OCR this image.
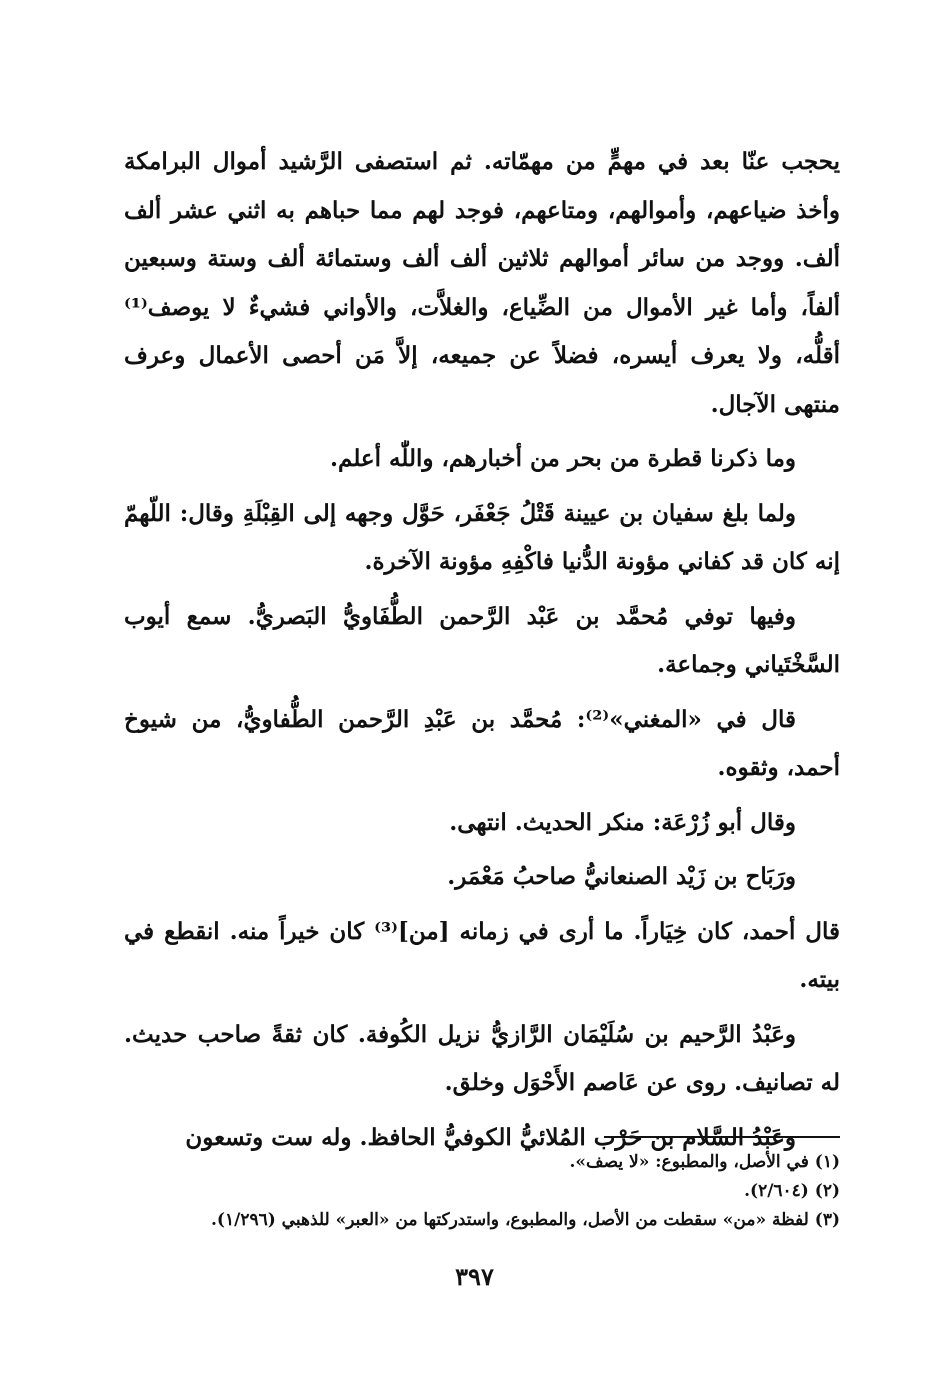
يحجب عنّا بعد في مهمٍّ من مهمّاته. ثم استصفى الرَّشيد أموال البرامكة وأخذ ضياعهم، وأموالهم، ومتاعهم، فوجد لهم مما حباهم به اثني عشر ألف ألف. ووجد من سائر أموالهم ثلاثين ألف ألف وستمائة ألف وستة وسبعين ألفاً، وأما غير الأموال من الضِّياع، والغلاَّت، والأواني فشيءٌ لا يوصف⁽¹⁾ أقلُّه، ولا يعرف أيسره، فضلاً عن جميعه، إلاَّ مَن أحصى الأعمال وعرف منتهى الآجال.

وما ذكرنا قطرة من بحر من أخبارهم، واللّٰه أعلم.

ولما بلغ سفيان بن عيينة قَتْلُ جَعْفَر، حَوَّل وجهه إلى القِبْلَةِ وقال: اللّهمّ إنه كان قد كفاني مؤونة الدُّنيا فاكْفِهِ مؤونة الآخرة.

وفيها توفي مُحمَّد بن عَبْد الرَّحمن الطُّفَاويُّ البَصريُّ. سمع أيوب السَّخْتَياني وجماعة.

قال في «المغني»⁽²⁾: مُحمَّد بن عَبْدِ الرَّحمن الطُّفاويُّ، من شيوخ أحمد، وثقوه.

وقال أبو زُرْعَة: منكر الحديث. انتهى.

ورَبَاح بن زَيْد الصنعانيُّ صاحبُ مَعْمَر.

قال أحمد، كان خِيَاراً. ما أرى في زمانه [من]⁽³⁾ كان خيراً منه. انقطع في بيته.

وعَبْدُ الرَّحيم بن سُلَيْمَان الرَّازيُّ نزيل الكُوفة. كان ثقةً صاحب حديث. له تصانيف. روى عن عَاصم الأَحْوَل وخلق.

وعَبْدُ السَّلام بن حَرْب المُلائيُّ الكوفيُّ الحافظ. وله ست وتسعون

(١) في الأصل، والمطبوع: «لا يصف».

(٢) (٢/٦٠٤).

(٣) لفظة «من» سقطت من الأصل، والمطبوع، واستدركتها من «العبر» للذهبي (١/٢٩٦).

٣٩٧
